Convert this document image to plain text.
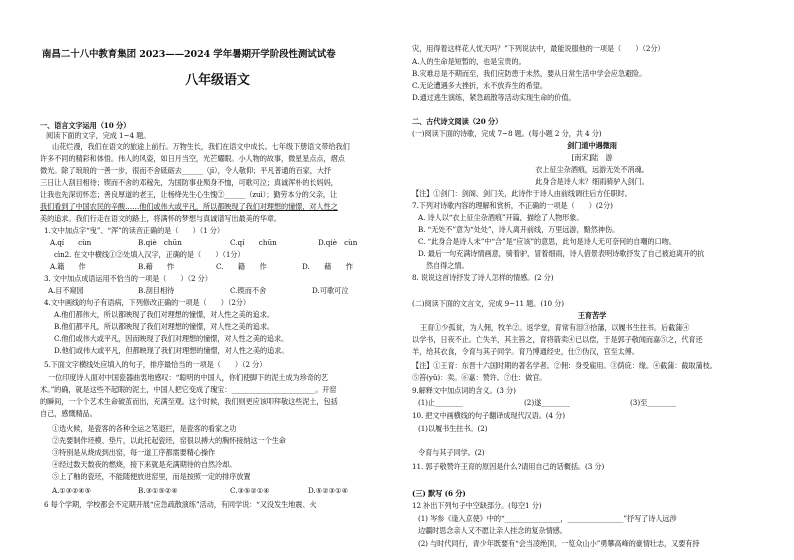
南昌二十八中教育集团 2023——2024 学年暑期开学阶段性测试试卷
八年级语文
一、语言文字运用（10 分）
阅读下面的文字，完成 1~4 题。
山花烂漫，我们在语文的旅途上前行。万物生长，我们在语文中成长。七年级下册语文带给我们
许多不同的精彩和体悟。伟人的风姿，如日月当空，光芒耀眼。小人物的故事，微星星点点，熠点
微光。除了琅琅的一善一步，很而不舍砥砺去______（jī），令人敬仰；平凡普通的百家，大抒
三日让人刮目相待；锲而不舍的邓稼先，为国防事业殒身不恤，可歌可泣；真诚浑朴的长妈妈，
让我也先深切怀恋；善良厚道的老王，让杨绛先生心生愧②______（zuì）；勤劳本分的父亲，让
我们看到了中国农民的辛酸……他们或伟大或平凡，所以都映现了我们对理想的憧憬，对人性之
美的追求。我们行走在语文的路上，将满怀的梦想与真诚谱写出最美的华章。
1.文中加点字“曳”、“浑”的读音正确的是（　　）（1 分）
A.qí　　cùn	B.qiè　chūn	C.qí　　chūn	D.qiè　cùn
cìn2. 在文中横线①②处填入汉字，正确的是（　　）（1分）
A.籍　　作	B.藉　　怍	C.　　籍　　作	D.　　藉　　怍
3. 文中加点成语运用不恰当的一项是（　　）（2 分）
A.目不窥园	B.刮目相待	C.锲而不舍	D.可歌可泣
4.文中画线的句子有语病，下列修改正确的一项是（　　）（2分）
A.他们都伟大，所以都映现了我们对理想的憧憬，对人性之美的追求。
B.他们都平凡，所以都映现了我们对理想的憧憬，对人性之美的追求。
C.他们或伟大或平凡，因而映现了我们对理想的憧憬，对人性之美的追求。
D.他们或伟大或平凡，但都映现了我们对理想的憧憬，对人性之美的追求。
5.下面文字横线处应填入的句子，排序最恰当的一项是（　　）（2 分）
一位印度诗人面对中国瓷器曲衷地感叹：“聪明的中国人，你们使脚下的泥土成为珍奇的艺
术。”的确，就是这些不起眼的泥土，中国人把它变成了瑰宝：________________________。开窑
的瞬间，一个个艺术生命破茧而出，充满至观。这个时候，我们则更应该叩拜敬这些泥土，包括
自己，感慨精品。
①选火候，是瓷客的各种全运之笔退拦，是瓷客的看家之功
②先要制作坯模、垫片，以此托起瓷坯，窑很以搏大的胸怀接纳这一个生命
③特别是从烧成到出窑，每一道工序都需要精心操作
④经过数天数夜的燃烧，接下来就是充满期待的自然冷却。
⑤上了釉的瓷坯，不能随便放进窑里，而是按照一定的排序放置
A.①③②④⑤	B.③①⑤②④	C.③⑤②①④	D.⑤②③①④
6 每个学期，学校都会不定期开展“应急疏散演练”活动，有同学说：“又没发生地震、火
灾，用得着这样花人忧天吗？”下列说法中，最能说服他的一项是（　　）（2分）
A.人的生命是短暂的，也是宝贵的。
B.灾难总是不期而至，我们应防患于未然，要从日常生活中学会应急避险。
C.无论遭遇多大挫折，永不放弃生的希望。
D.通过逃生演练，紧急疏散等活动实现生命的价值。
二、古代诗文阅读（20 分）
(一)阅读下面的诗歌，完成 7~8 题。(每小题 2 分，共 4 分)
剑门道中遇微雨
[南宋]陆　游
衣上征尘杂酒痕，远游无处不消魂。
此身合是诗人未？细雨骑驴入剑门。
【注】①剑门：剑阁、剑门关，此诗作于诗人由前线调往后方任职时。
7.下列对诗歌内容的理解和赏析，不正确的一项是（　　）(2分)
A. 诗人以“衣上征尘杂酒痕”开篇，描绘了人物形象。
B. “无处不”意为“处处”，诗人离开前线，万里远游，黯然神伤。
C. “此身合是诗人未”中“合”是“应该”的意思，此句是诗人无可奈何的自嘲的口吻。
D. 最后一句充满诗情画意，骑着驴，冒着细雨，诗人借景表明诗歌抒发了自己被迫离开的抗
然自得之情。
8. 说说这首诗抒发了诗人怎样的情感。(2 分)
(二)阅读下面的文言文，完成 9~11 题。(10 分)
王育苦学
王育①少孤贫，为人佣，牧羊②。返学堂，育常有泪③拾藩，以履书生拄书。后截蒲④
以学书，日夜不止。亡失羊，其主笞之，育将箭卖④已以偿，于是郭子敬闻而嘉⑤之，代育还
羊，给其衣食，令育与其子同学。育乃博通经史，仕⑦伪汉，官至太傅。
【注】①王育：东晋十六国时期的著名学者。②佣：身受雇用。③荫庇：缘。④截蒲：截取蒲枝。
⑤笞(yǔ)：卖。⑥嘉：赞许。⑦仕：做官。
9.解释文中加点词的含义。(3 分)
(1)止________	(2)遂________	(3)至________
10. 把文中画横线的句子翻译成现代汉语。(4 分)
(1)以履书生拄书。(2)
令育与其子同学。(2)
11. 郭子敬赞许王育的原因是什么?请用自己的话概括。(3 分)
(三) 默写 (6 分)
12 补出下列句子中空缺部分。(每空1 分)
(1) 岑参《逢入京使》中的“________________，________________”抒写了诗人远涉
边疆时思念亲人又不愿让亲人挂念的复杂情感。
(2) 与时代同行，青少年既要有“会当凌绝顶，一览众山小”勇攀高峰的豪情壮志，又要有持
